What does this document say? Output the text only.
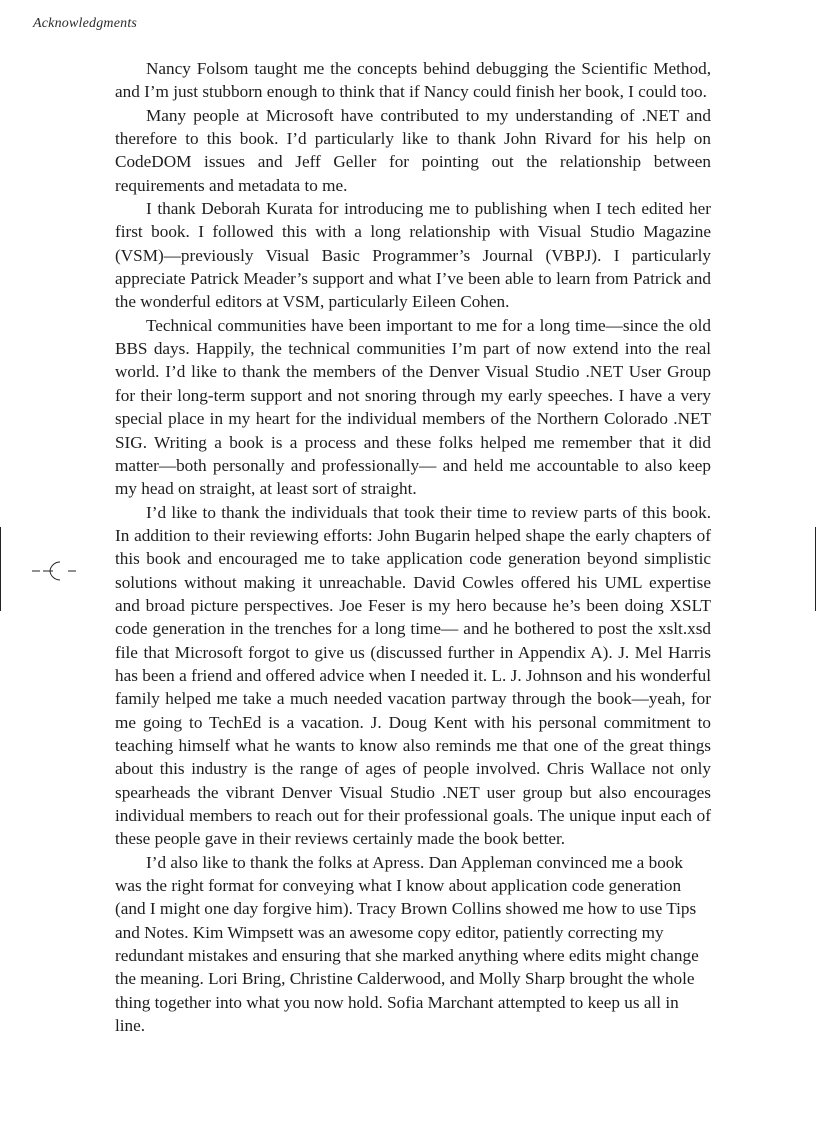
Acknowledgments

Nancy Folsom taught me the concepts behind debugging the Scientific Method, and I’m just stubborn enough to think that if Nancy could finish her book, I could too.

Many people at Microsoft have contributed to my understanding of .NET and therefore to this book. I’d particularly like to thank John Rivard for his help on CodeDOM issues and Jeff Geller for pointing out the relationship between requirements and metadata to me.

I thank Deborah Kurata for introducing me to publishing when I tech edited her first book. I followed this with a long relationship with Visual Studio Magazine (VSM)—previously Visual Basic Programmer’s Journal (VBPJ). I particularly appreciate Patrick Meader’s support and what I’ve been able to learn from Patrick and the wonderful editors at VSM, particularly Eileen Cohen.

Technical communities have been important to me for a long time—since the old BBS days. Happily, the technical communities I’m part of now extend into the real world. I’d like to thank the members of the Denver Visual Studio .NET User Group for their long-term support and not snoring through my early speeches. I have a very special place in my heart for the individual members of the Northern Colorado .NET SIG. Writing a book is a process and these folks helped me remember that it did matter—both personally and professionally— and held me accountable to also keep my head on straight, at least sort of straight.

I’d like to thank the individuals that took their time to review parts of this book. In addition to their reviewing efforts: John Bugarin helped shape the early chapters of this book and encouraged me to take application code generation beyond simplistic solutions without making it unreachable. David Cowles offered his UML expertise and broad picture perspectives. Joe Feser is my hero because he’s been doing XSLT code generation in the trenches for a long time— and he bothered to post the xslt.xsd file that Microsoft forgot to give us (discussed further in Appendix A). J. Mel Harris has been a friend and offered advice when I needed it. L. J. Johnson and his wonderful family helped me take a much needed vacation partway through the book—yeah, for me going to TechEd is a vacation. J. Doug Kent with his personal commitment to teaching himself what he wants to know also reminds me that one of the great things about this industry is the range of ages of people involved. Chris Wallace not only spearheads the vibrant Denver Visual Studio .NET user group but also encourages individual members to reach out for their professional goals. The unique input each of these people gave in their reviews certainly made the book better.

I’d also like to thank the folks at Apress. Dan Appleman convinced me a book was the right format for conveying what I know about application code generation (and I might one day forgive him). Tracy Brown Collins showed me how to use Tips and Notes. Kim Wimpsett was an awesome copy editor, patiently correcting my redundant mistakes and ensuring that she marked anything where edits might change the meaning. Lori Bring, Christine Calderwood, and Molly Sharp brought the whole thing together into what you now hold. Sofia Marchant attempted to keep us all in line.
